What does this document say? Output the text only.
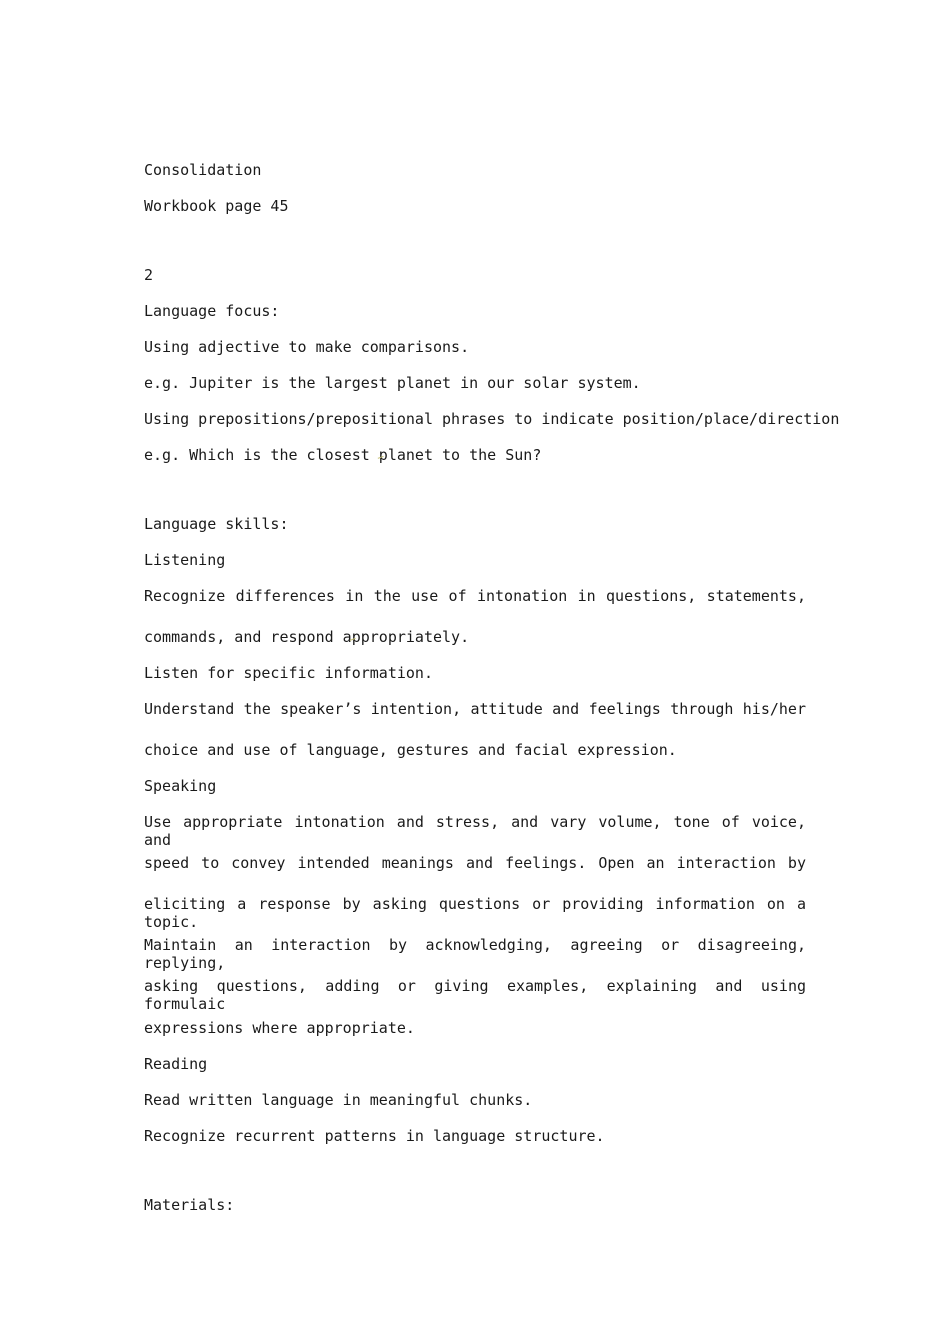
Consolidation
Workbook page 45
2
Language focus:
Using adjective to make comparisons.
e.g. Jupiter is the largest planet in our solar system.
Using prepositions/prepositional phrases to indicate position/place/direction
e.g. Which is the closest planet to the Sun?
Language skills:
Listening
Recognize differences in the use of intonation in questions, statements,
commands, and respond appropriately.
Listen for specific information.
Understand the speaker’s intention, attitude and feelings through his/her
choice and use of language, gestures and facial expression.
Speaking
Use appropriate intonation and stress, and vary volume, tone of voice, and
speed to convey intended meanings and feelings. Open an interaction by
eliciting a response by asking questions or providing information on a topic.
Maintain an interaction by acknowledging, agreeing or disagreeing, replying,
asking questions, adding or giving examples, explaining and using formulaic
expressions where appropriate.
Reading
Read written language in meaningful chunks.
Recognize recurrent patterns in language structure.
Materials:
